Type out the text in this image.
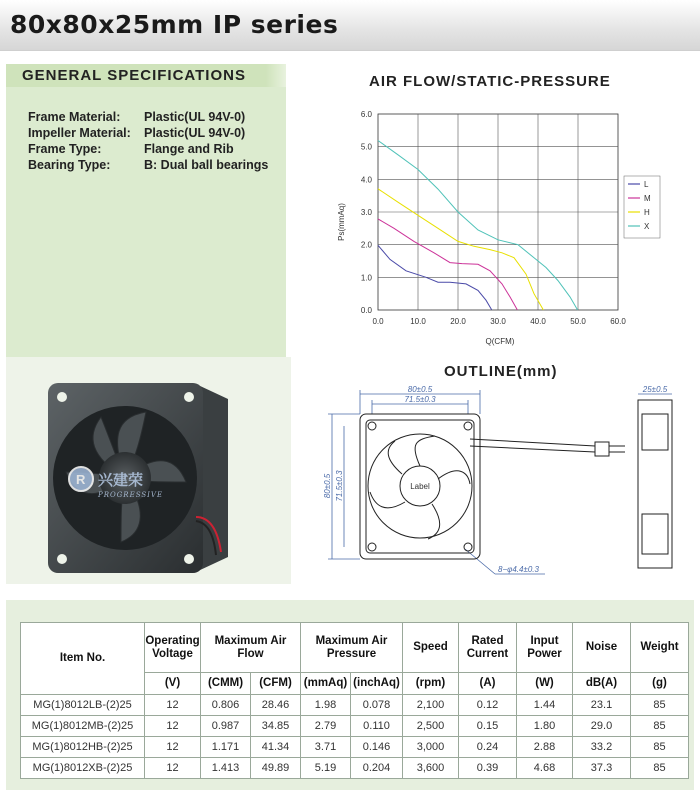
80x80x25mm IP series
GENERAL SPECIFICATIONS
Frame Material: Plastic(UL 94V-0)
Impeller Material: Plastic(UL 94V-0)
Frame Type:	Flange and Rib
Bearing Type:	B: Dual ball bearings
R 兴建荣
PROGRESSIVE
AIR FLOW/STATIC-PRESSURE
0.0	10.0	20.0	30.0	40.0	50.0	60.0
0.0
1.0
2.0
3.0
4.0
5.0
6.0
Ps(mmAq)
Q(CFM)
L
M
H
X
OUTLINE(mm)
80±0.5
71.5±0.3
80±0.5 71.5±0.3
8−φ4.4±0.3
25±0.5
Label
Item No.	Operating Voltage	Maximum Air Flow		Maximum Air Pressure		Speed	Rated Current	Input Power	Noise	Weight
	(V)	(CMM)	(CFM)	(mmAq)	(inchAq)	(rpm)	(A)	(W)	dB(A)	(g)
MG(1)8012LB-(2)25	12	0.806	28.46	1.98	0.078	2,100	0.12	1.44	23.1	85
MG(1)8012MB-(2)25	12	0.987	34.85	2.79	0.110	2,500	0.15	1.80	29.0	85
MG(1)8012HB-(2)25	12	1.171	41.34	3.71	0.146	3,000	0.24	2.88	33.2	85
MG(1)8012XB-(2)25	12	1.413	49.89	5.19	0.204	3,600	0.39	4.68	37.3	85
